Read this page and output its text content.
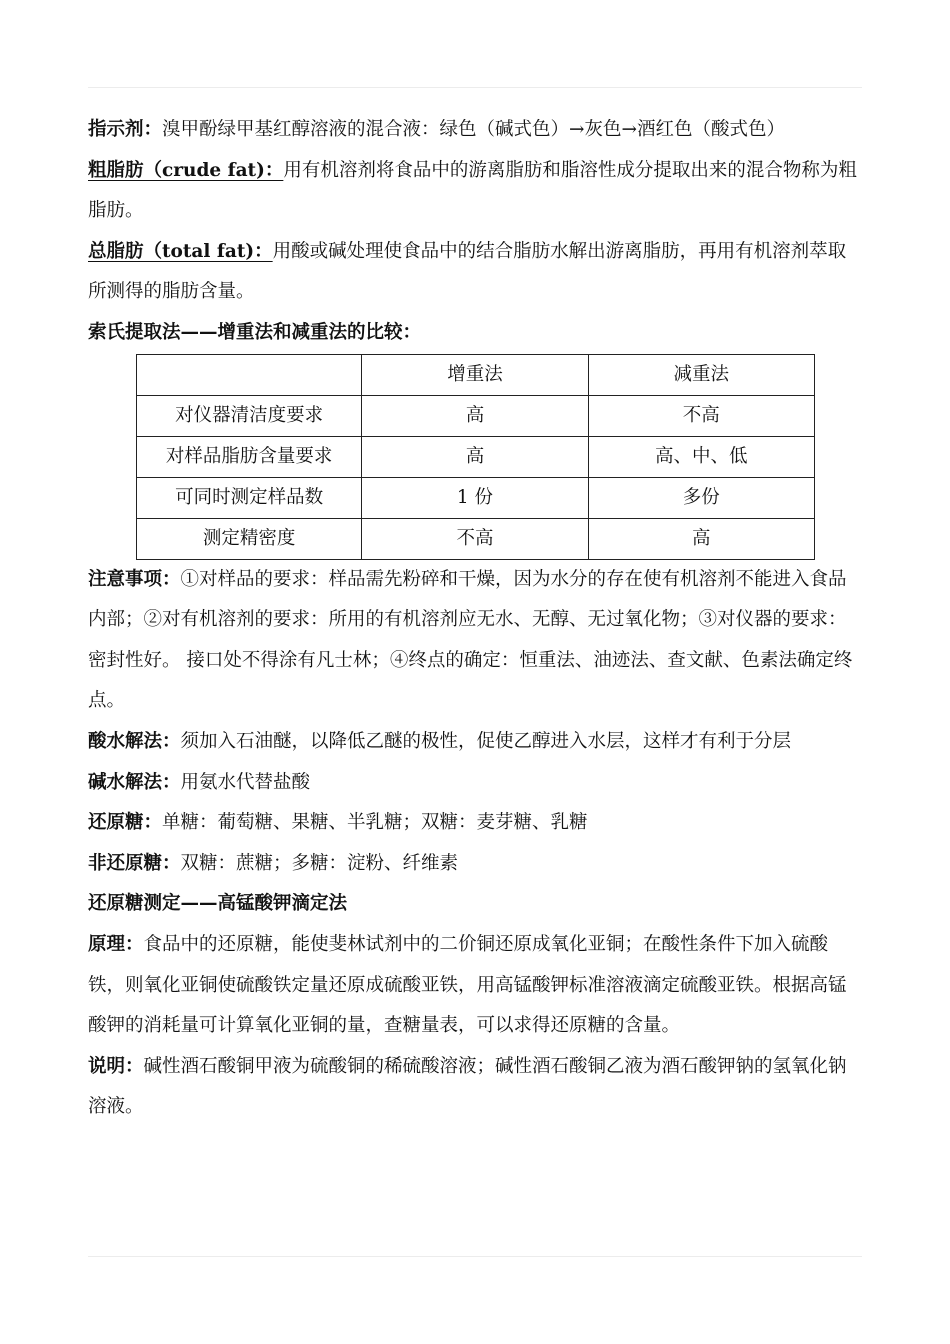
指示剂：溴甲酚绿甲基红醇溶液的混合液：绿色（碱式色）→灰色→酒红色（酸式色）

粗脂肪（crude fat)：用有机溶剂将食品中的游离脂肪和脂溶性成分提取出来的混合物称为粗脂肪。

总脂肪（total fat)：用酸或碱处理使食品中的结合脂肪水解出游离脂肪，再用有机溶剂萃取所测得的脂肪含量。

索氏提取法——增重法和减重法的比较：

	增重法	减重法
对仪器清洁度要求	高	不高
对样品脂肪含量要求	高	高、中、低
可同时测定样品数	1 份	多份
测定精密度	不高	高

注意事项：①对样品的要求：样品需先粉碎和干燥，因为水分的存在使有机溶剂不能进入食品内部；②对有机溶剂的要求：所用的有机溶剂应无水、无醇、无过氧化物；③对仪器的要求：密封性好。 接口处不得涂有凡士林；④终点的确定：恒重法、油迹法、查文献、色素法确定终点。

酸水解法：须加入石油醚，以降低乙醚的极性，促使乙醇进入水层，这样才有利于分层

碱水解法：用氨水代替盐酸

还原糖：单糖：葡萄糖、果糖、半乳糖；双糖：麦芽糖、乳糖

非还原糖：双糖：蔗糖；多糖：淀粉、纤维素

还原糖测定——高锰酸钾滴定法

原理：食品中的还原糖，能使斐林试剂中的二价铜还原成氧化亚铜；在酸性条件下加入硫酸铁，则氧化亚铜使硫酸铁定量还原成硫酸亚铁，用高锰酸钾标准溶液滴定硫酸亚铁。根据高锰酸钾的消耗量可计算氧化亚铜的量，查糖量表，可以求得还原糖的含量。

说明：碱性酒石酸铜甲液为硫酸铜的稀硫酸溶液；碱性酒石酸铜乙液为酒石酸钾钠的氢氧化钠溶液。
